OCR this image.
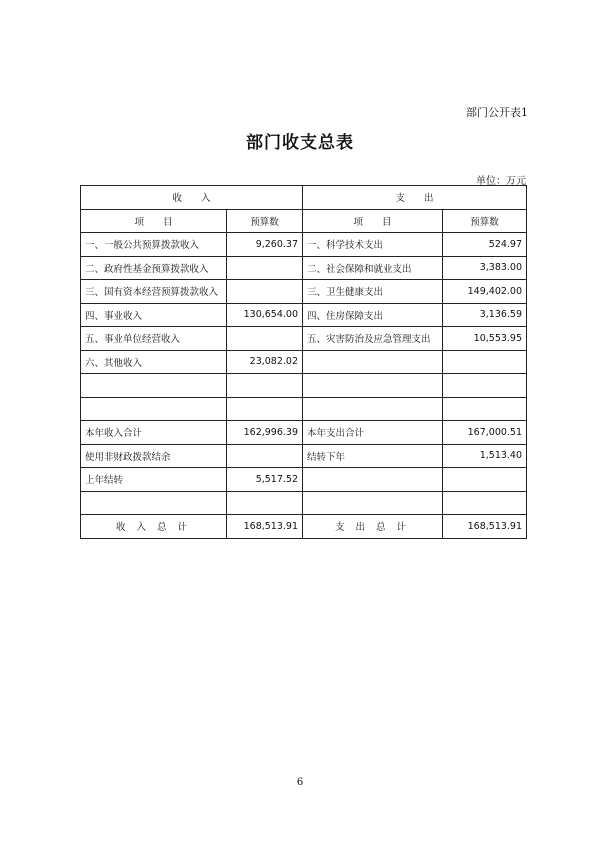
部门公开表1
部门收支总表
单位：万元
收　　入		支　　出	
项　　目	预算数	项　　目	预算数
一、一般公共预算拨款收入	9,260.37	一、科学技术支出	524.97
二、政府性基金预算拨款收入		二、社会保障和就业支出	3,383.00
三、国有资本经营预算拨款收入		三、卫生健康支出	149,402.00
四、事业收入	130,654.00	四、住房保障支出	3,136.59
五、事业单位经营收入		五、灾害防治及应急管理支出	10,553.95
六、其他收入	23,082.02		

本年收入合计	162,996.39	本年支出合计	167,000.51
使用非财政拨款结余		结转下年	1,513.40
上年结转	5,517.52		

收 入 总 计	168,513.91	支 出 总 计	168,513.91
6
